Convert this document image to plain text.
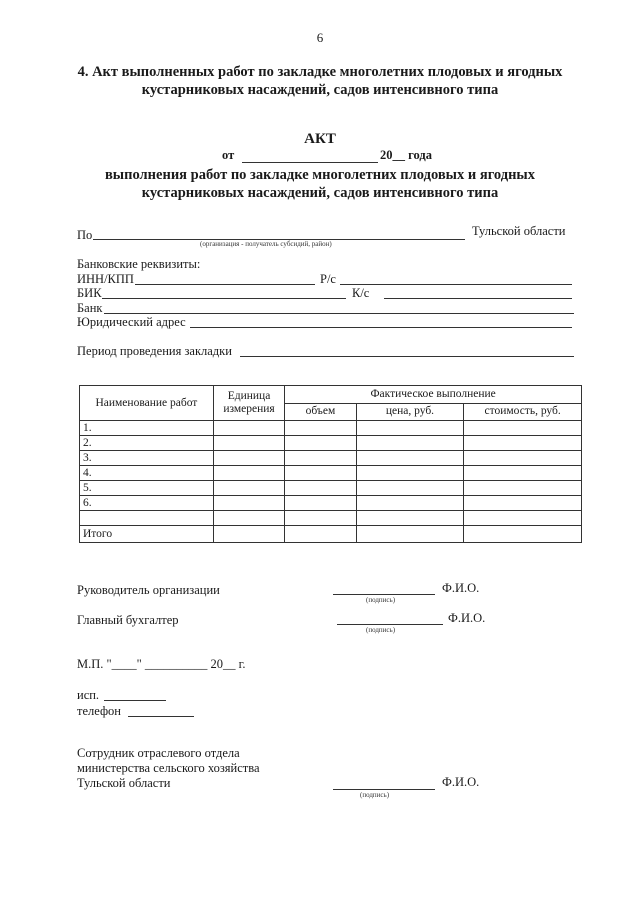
6
4. Акт выполненных работ по закладке многолетних плодовых и ягодных
кустарниковых насаждений, садов интенсивного типа
АКТ
от	20__ года
выполнения работ по закладке многолетних плодовых и ягодных
кустарниковых насаждений, садов интенсивного типа
По	Тульской области
(организация - получатель субсидий, район)
Банковские реквизиты:
ИНН/КПП	Р/с
БИК	К/с
Банк
Юридический адрес
Период проведения закладки
Наименование работ	Единица измерения	Фактическое выполнение		
		объем	цена, руб.	стоимость, руб.
1.				
2.				
3.				
4.				
5.				
6.				

Итого				
Руководитель организации	Ф.И.О.
(подпись)
Главный бухгалтер	Ф.И.О.
(подпись)
М.П. "____" __________ 20__ г.
исп.
телефон
Сотрудник отраслевого отдела
министерства сельского хозяйства
Тульской области	Ф.И.О.
(подпись)
